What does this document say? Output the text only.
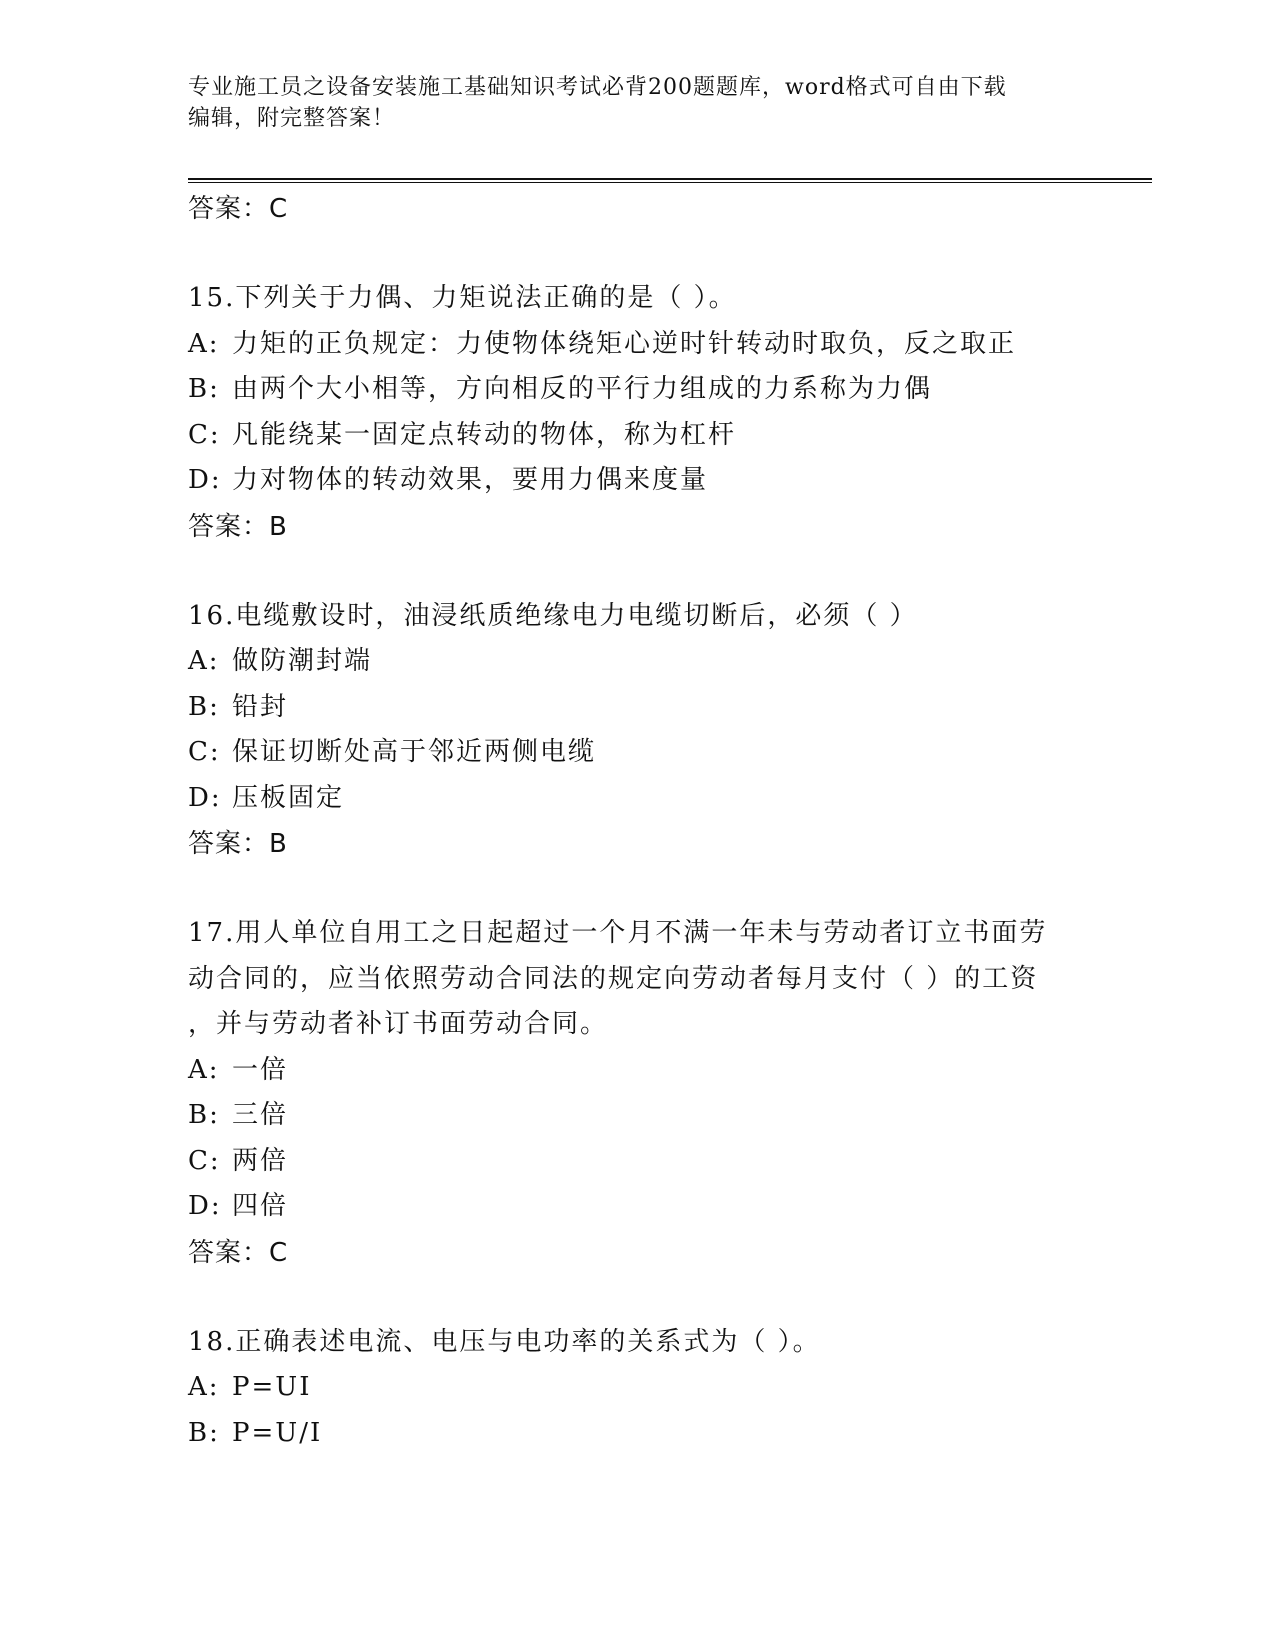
专业施工员之设备安装施工基础知识考试必背200题题库，word格式可自由下载
编辑，附完整答案！
答案：C
15.下列关于力偶、力矩说法正确的是（ ）。
A: 力矩的正负规定：力使物体绕矩心逆时针转动时取负，反之取正
B: 由两个大小相等，方向相反的平行力组成的力系称为力偶
C: 凡能绕某一固定点转动的物体，称为杠杆
D: 力对物体的转动效果，要用力偶来度量
答案：B
16.电缆敷设时，油浸纸质绝缘电力电缆切断后，必须（ ）
A: 做防潮封端
B: 铅封
C: 保证切断处高于邻近两侧电缆
D: 压板固定
答案：B
17.用人单位自用工之日起超过一个月不满一年未与劳动者订立书面劳
动合同的，应当依照劳动合同法的规定向劳动者每月支付（ ）的工资
，并与劳动者补订书面劳动合同。
A: 一倍
B: 三倍
C: 两倍
D: 四倍
答案：C
18.正确表述电流、电压与电功率的关系式为（ ）。
A: P=UI
B: P=U/I
